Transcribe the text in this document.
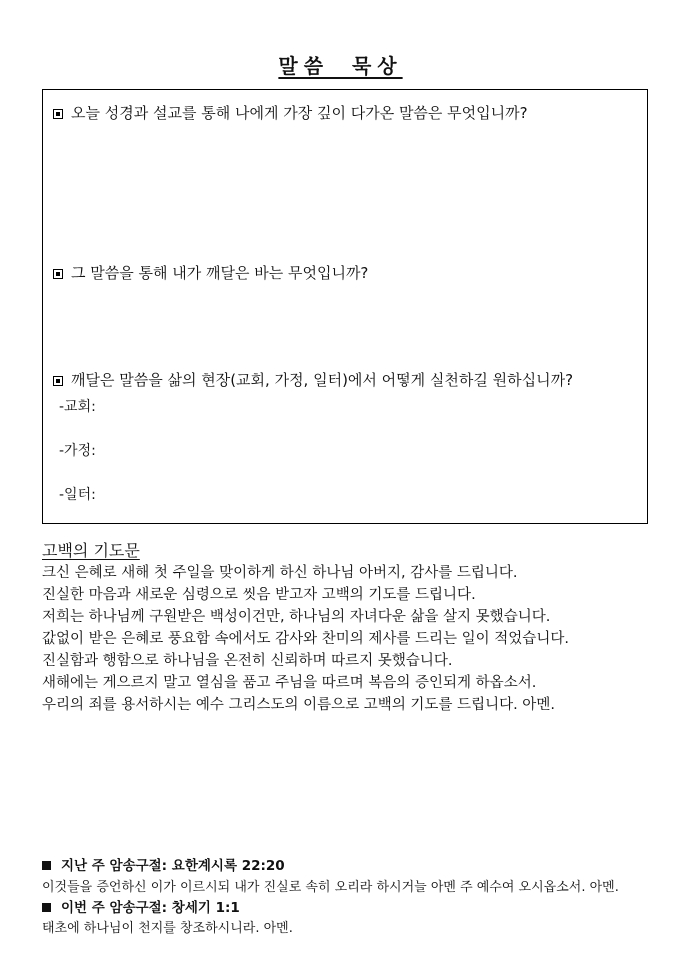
말씀 묵상
오늘 성경과 설교를 통해 나에게 가장 깊이 다가온 말씀은 무엇입니까?
그 말씀을 통해 내가 깨달은 바는 무엇입니까?
깨달은 말씀을 삶의 현장(교회, 가정, 일터)에서 어떻게 실천하길 원하십니까?
-교회:
-가정:
-일터:
고백의 기도문
크신 은혜로 새해 첫 주일을 맞이하게 하신 하나님 아버지, 감사를 드립니다.
진실한 마음과 새로운 심령으로 씻음 받고자 고백의 기도를 드립니다.
저희는 하나님께 구원받은 백성이건만, 하나님의 자녀다운 삶을 살지 못했습니다.
값없이 받은 은혜로 풍요함 속에서도 감사와 찬미의 제사를 드리는 일이 적었습니다.
진실함과 행함으로 하나님을 온전히 신뢰하며 따르지 못했습니다.
새해에는 게으르지 말고 열심을 품고 주님을 따르며 복음의 증인되게 하옵소서.
우리의 죄를 용서하시는 예수 그리스도의 이름으로 고백의 기도를 드립니다. 아멘.
지난 주 암송구절: 요한계시록 22:20
이것들을 증언하신 이가 이르시되 내가 진실로 속히 오리라 하시거늘 아멘 주 예수여 오시옵소서. 아멘.
이번 주 암송구절: 창세기 1:1
태초에 하나님이 천지를 창조하시니라. 아멘.
